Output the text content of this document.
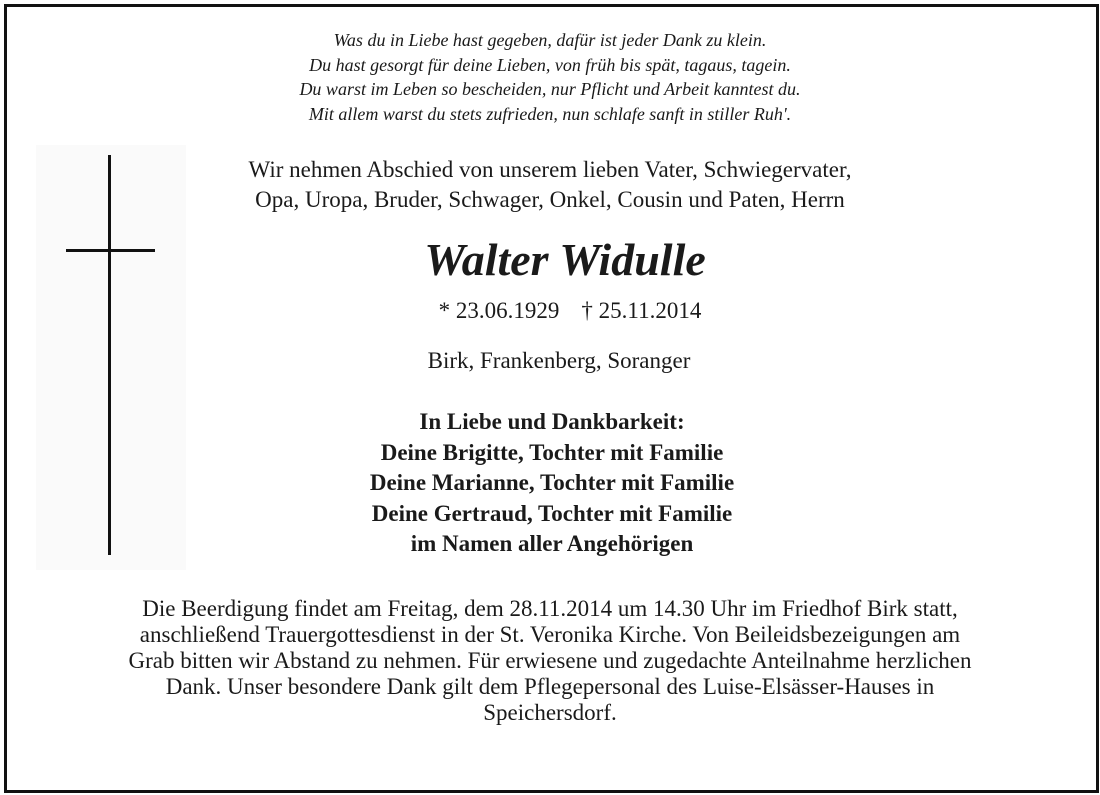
Was du in Liebe hast gegeben, dafür ist jeder Dank zu klein.
Du hast gesorgt für deine Lieben, von früh bis spät, tagaus, tagein.
Du warst im Leben so bescheiden, nur Pflicht und Arbeit kanntest du.
Mit allem warst du stets zufrieden, nun schlafe sanft in stiller Ruh'.
Wir nehmen Abschied von unserem lieben Vater, Schwiegervater,
Opa, Uropa, Bruder, Schwager, Onkel, Cousin und Paten, Herrn
Walter Widulle
* 23.06.1929 † 25.11.2014
Birk, Frankenberg, Soranger
In Liebe und Dankbarkeit:
Deine Brigitte, Tochter mit Familie
Deine Marianne, Tochter mit Familie
Deine Gertraud, Tochter mit Familie
im Namen aller Angehörigen
Die Beerdigung findet am Freitag, dem 28.11.2014 um 14.30 Uhr im Friedhof Birk statt,
anschließend Trauergottesdienst in der St. Veronika Kirche. Von Beileidsbezeigungen am
Grab bitten wir Abstand zu nehmen. Für erwiesene und zugedachte Anteilnahme herzlichen
Dank. Unser besondere Dank gilt dem Pflegepersonal des Luise-Elsässer-Hauses in
Speichersdorf.
